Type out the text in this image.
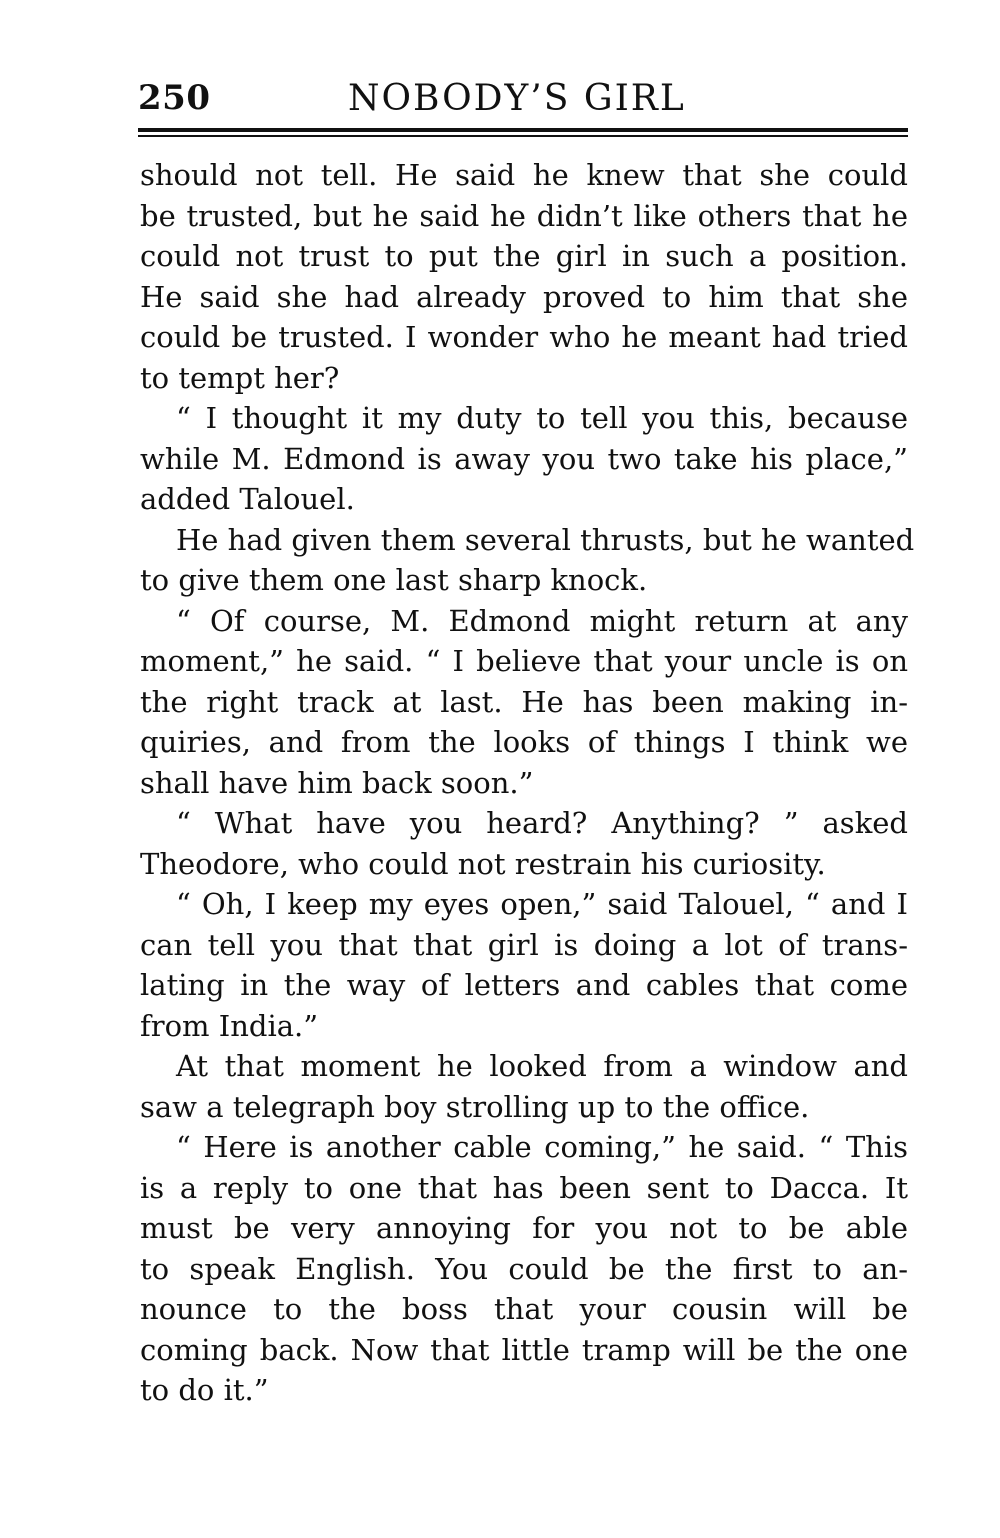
250	NOBODY’S GIRL
should not tell. He said he knew that she could
be trusted, but he said he didn’t like others that he
could not trust to put the girl in such a position.
He said she had already proved to him that she
could be trusted. I wonder who he meant had tried
to tempt her?
“ I thought it my duty to tell you this, because
while M. Edmond is away you two take his place,”
added Talouel.
He had given them several thrusts, but he wanted
to give them one last sharp knock.
“ Of course, M. Edmond might return at any
moment,” he said. “ I believe that your uncle is on
the right track at last. He has been making in-
quiries, and from the looks of things I think we
shall have him back soon.”
“ What have you heard? Anything? ” asked
Theodore, who could not restrain his curiosity.
“ Oh, I keep my eyes open,” said Talouel, “ and I
can tell you that that girl is doing a lot of trans-
lating in the way of letters and cables that come
from India.”
At that moment he looked from a window and
saw a telegraph boy strolling up to the office.
“ Here is another cable coming,” he said. “ This
is a reply to one that has been sent to Dacca. It
must be very annoying for you not to be able
to speak English. You could be the first to an-
nounce to the boss that your cousin will be
coming back. Now that little tramp will be the one
to do it.”
